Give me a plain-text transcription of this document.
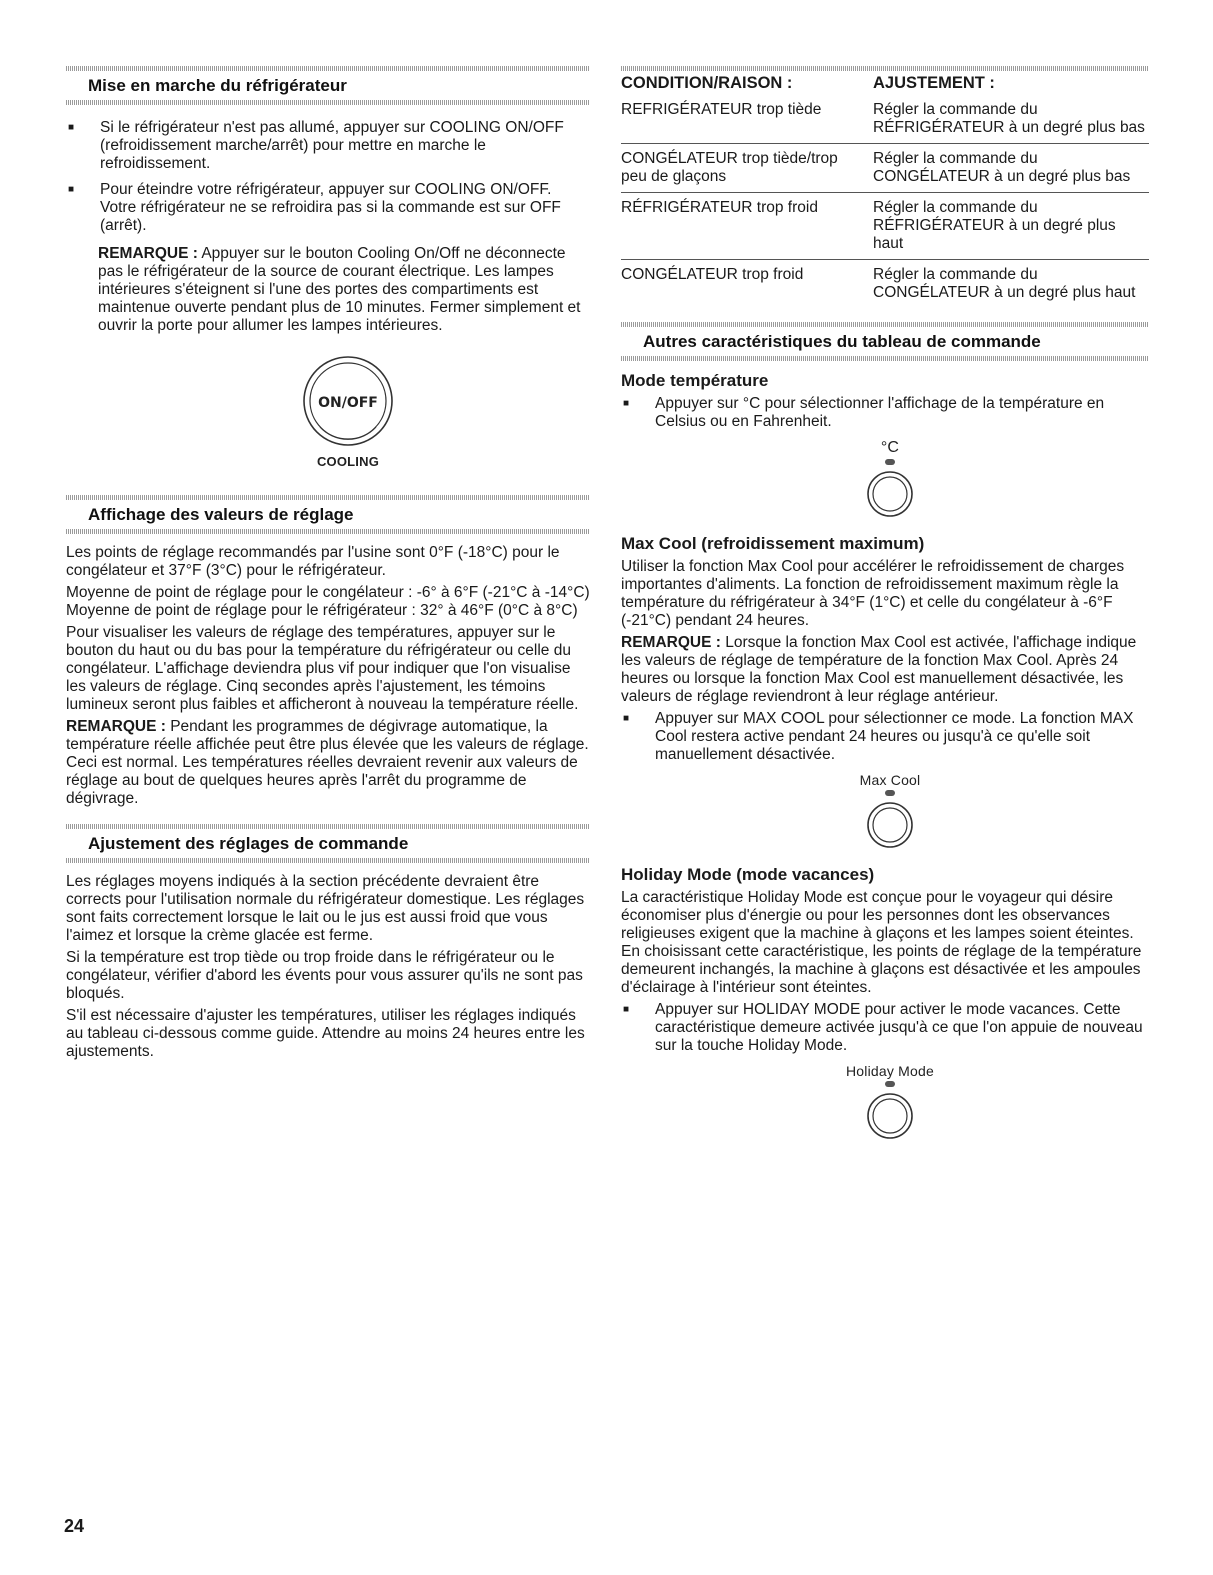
Mise en marche du réfrigérateur
■	Si le réfrigérateur n'est pas allumé, appuyer sur COOLING ON/OFF (refroidissement marche/arrêt) pour mettre en marche le refroidissement.
■	Pour éteindre votre réfrigérateur, appuyer sur COOLING ON/OFF. Votre réfrigérateur ne se refroidira pas si la commande est sur OFF (arrêt).

REMARQUE : Appuyer sur le bouton Cooling On/Off ne déconnecte pas le réfrigérateur de la source de courant électrique. Les lampes intérieures s'éteignent si l'une des portes des compartiments est maintenue ouverte pendant plus de 10 minutes. Fermer simplement et ouvrir la porte pour allumer les lampes intérieures.

ON/OFF
COOLING
Affichage des valeurs de réglage

Les points de réglage recommandés par l'usine sont 0°F (-18°C) pour le congélateur et 37°F (3°C) pour le réfrigérateur.

Moyenne de point de réglage pour le congélateur : -6° à 6°F (-21°C à -14°C)

Moyenne de point de réglage pour le réfrigérateur : 32° à 46°F (0°C à 8°C)

Pour visualiser les valeurs de réglage des températures, appuyer sur le bouton du haut ou du bas pour la température du réfrigérateur ou celle du congélateur. L'affichage deviendra plus vif pour indiquer que l'on visualise les valeurs de réglage. Cinq secondes après l'ajustement, les témoins lumineux seront plus faibles et afficheront à nouveau la température réelle.

REMARQUE : Pendant les programmes de dégivrage automatique, la température réelle affichée peut être plus élevée que les valeurs de réglage. Ceci est normal. Les températures réelles devraient revenir aux valeurs de réglage au bout de quelques heures après l'arrêt du programme de dégivrage.

Ajustement des réglages de commande

Les réglages moyens indiqués à la section précédente devraient être corrects pour l'utilisation normale du réfrigérateur domestique. Les réglages sont faits correctement lorsque le lait ou le jus est aussi froid que vous l'aimez et lorsque la crème glacée est ferme.

Si la température est trop tiède ou trop froide dans le réfrigérateur ou le congélateur, vérifier d'abord les évents pour vous assurer qu'ils ne sont pas bloqués.

S'il est nécessaire d'ajuster les températures, utiliser les réglages indiqués au tableau ci-dessous comme guide. Attendre au moins 24 heures entre les ajustements.

CONDITION/RAISON :	AJUSTEMENT :
REFRIGÉRATEUR trop tiède	Régler la commande du RÉFRIGÉRATEUR à un degré plus bas
CONGÉLATEUR trop tiède/trop peu de glaçons	Régler la commande du CONGÉLATEUR à un degré plus bas
RÉFRIGÉRATEUR trop froid	Régler la commande du RÉFRIGÉRATEUR à un degré plus haut
CONGÉLATEUR trop froid	Régler la commande du CONGÉLATEUR à un degré plus haut
Autres caractéristiques du tableau de commande
Mode température
■	Appuyer sur °C pour sélectionner l'affichage de la température en Celsius ou en Fahrenheit.
°C
Max Cool (refroidissement maximum)

Utiliser la fonction Max Cool pour accélérer le refroidissement de charges importantes d'aliments. La fonction de refroidissement maximum règle la température du réfrigérateur à 34°F (1°C) et celle du congélateur à -6°F (-21°C) pendant 24 heures.

REMARQUE : Lorsque la fonction Max Cool est activée, l'affichage indique les valeurs de réglage de température de la fonction Max Cool. Après 24 heures ou lorsque la fonction Max Cool est manuellement désactivée, les valeurs de réglage reviendront à leur réglage antérieur.

■	Appuyer sur MAX COOL pour sélectionner ce mode. La fonction MAX Cool restera active pendant 24 heures ou jusqu'à ce qu'elle soit manuellement désactivée.
Max Cool
Holiday Mode (mode vacances)

La caractéristique Holiday Mode est conçue pour le voyageur qui désire économiser plus d'énergie ou pour les personnes dont les observances religieuses exigent que la machine à glaçons et les lampes soient éteintes. En choisissant cette caractéristique, les points de réglage de la température demeurent inchangés, la machine à glaçons est désactivée et les ampoules d'éclairage à l'intérieur sont éteintes.

■	Appuyer sur HOLIDAY MODE pour activer le mode vacances. Cette caractéristique demeure activée jusqu'à ce que l'on appuie de nouveau sur la touche Holiday Mode.
Holiday Mode
24
